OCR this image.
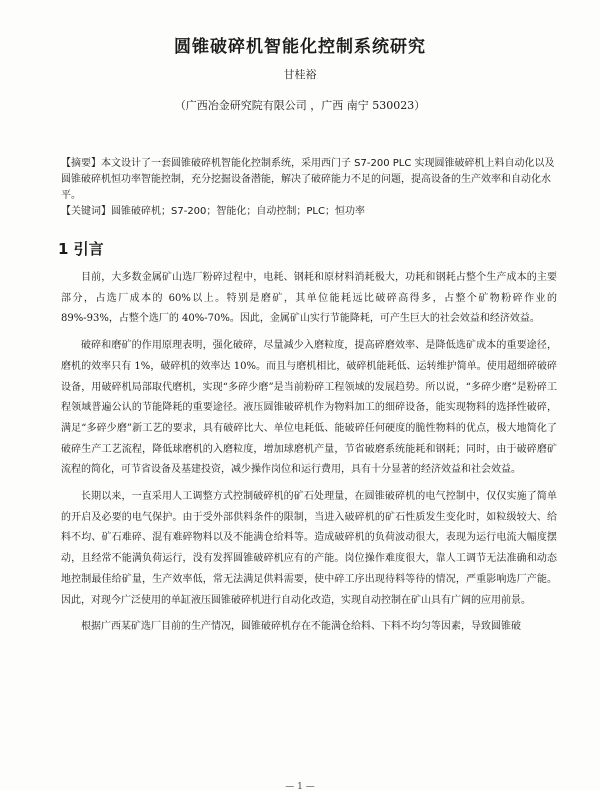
圆锥破碎机智能化控制系统研究
甘桂裕
（广西冶金研究院有限公司 ，广西 南宁 530023）

【摘要】本文设计了一套圆锥破碎机智能化控制系统，采用西门子 S7-200 PLC 实现圆锥破碎机上料自动化以及圆锥破碎机恒功率智能控制，充分挖掘设备潜能，解决了破碎能力不足的问题，提高设备的生产效率和自动化水平。

【关键词】圆锥破碎机；S7-200；智能化；自动控制；PLC；恒功率

1 引言

目前，大多数金属矿山选厂粉碎过程中，电耗、钢耗和原材料消耗极大，功耗和钢耗占整个生产成本的主要部分，占选厂成本的 60%以上。特别是磨矿，其单位能耗远比破碎高得多，占整个矿物粉碎作业的 89%-93%，占整个选厂的 40%-70%。因此，金属矿山实行节能降耗，可产生巨大的社会效益和经济效益。

破碎和磨矿的作用原理表明，强化破碎，尽量减少入磨粒度，提高碎磨效率、是降低选矿成本的重要途径，磨机的效率只有 1%，破碎机的效率达 10%。而且与磨机相比，破碎机能耗低、运转维护简单。使用超细碎破碎设备，用破碎机局部取代磨机，实现“多碎少磨”是当前粉碎工程领域的发展趋势。所以说，“多碎少磨”是粉碎工程领域普遍公认的节能降耗的重要途径。液压圆锥破碎机作为物料加工的细碎设备，能实现物料的选择性破碎，满足“多碎少磨”新工艺的要求，具有破碎比大、单位电耗低、能破碎任何硬度的脆性物料的优点，极大地简化了破碎生产工艺流程，降低球磨机的入磨粒度，增加球磨机产量，节省破磨系统能耗和钢耗；同时，由于破碎磨矿流程的简化，可节省设备及基建投资，减少操作岗位和运行费用，具有十分显著的经济效益和社会效益。

长期以来，一直采用人工调整方式控制破碎机的矿石处理量，在圆锥破碎机的电气控制中，仅仅实施了简单的开启及必要的电气保护。由于受外部供料条件的限制，当进入破碎机的矿石性质发生变化时，如粒级较大、给料不均、矿石难碎、混有难碎物料以及不能满仓给料等。造成破碎机的负荷波动很大，表现为运行电流大幅度摆动，且经常不能满负荷运行，没有发挥圆锥破碎机应有的产能。岗位操作难度很大，靠人工调节无法准确和动态地控制最佳给矿量，生产效率低，常无法满足供料需要，使中碎工序出现待料等待的情况，严重影响选厂产能。因此，对现今广泛使用的单缸液压圆锥破碎机进行自动化改造，实现自动控制在矿山具有广阔的应用前景。

根据广西某矿选厂目前的生产情况，圆锥破碎机存在不能满仓给料、下料不均匀等因素，导致圆锥破

— 1 —
